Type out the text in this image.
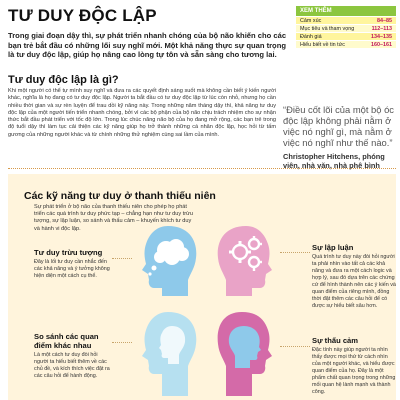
TƯ DUY ĐỘC LẬP
Trong giai đoạn dậy thì, sự phát triển nhanh chóng của bộ não khiến cho các bạn trẻ bắt đầu có những lối suy nghĩ mới. Một khả năng thực sự quan trọng là tư duy độc lập, giúp họ nâng cao lòng tự tôn và sẵn sàng cho tương lai.
XEM THÊM
Cảm xúc	84–85
Mục tiêu và tham vọng	112–113
Đánh giá	134–135
Hiểu biết về tin tức	160–161
Tư duy độc lập là gì?
Khi một người có thể tự mình suy nghĩ và đưa ra các quyết định sáng suốt mà không cần biết ý kiến người khác, nghĩa là họ đang có tư duy độc lập. Người ta bắt đầu có tư duy độc lập từ lúc còn nhỏ, nhưng họ cần nhiều thời gian và sự rèn luyện để trau dồi kỹ năng này. Trong những năm tháng dậy thì, khả năng tư duy độc lập của một người tiến triển nhanh chóng, bởi vì các bộ phận của bộ não chịu trách nhiệm cho sự nhận thức bắt đầu phát triển với tốc độ lớn. Trong lúc chúc năng não bộ của họ đang mở rộng, các bạn trẻ trong độ tuổi dậy thì làm tục cải thiện các kỹ năng giúp họ trở thành những cá nhân độc lập, học hỏi từ tấm gương của những người khác và từ chính những thử nghiệm cùng sai lầm của mình.
“Điều cốt lõi của một bộ óc độc lập không phải nằm ở việc nó nghĩ gì, mà nằm ở việc nó nghĩ như thế nào.”
Christopher Hitchens, phóng viên, nhà văn, nhà phê bình
Các kỹ năng tư duy ở thanh thiếu niên
Sự phát triển ở bộ não của thanh thiếu niên cho phép họ phát triển các quá trình tư duy phức tạp – chẳng hạn như tư duy trừu tượng, sự lập luận, so sánh và thấu cảm – khuyến khích tư duy và hành vi độc lập.
Tư duy trừu tượng
Đây là lối tư duy cần nhắc đến các khả năng và ý tưởng không hiện diện một cách cụ thể.
Sự lập luận
Quá trình tư duy này đòi hỏi người ta phải nhìn vào tất cả các khả năng và đưa ra một cách logic và hợp lý, sau đó dựa trên các chứng cứ để hình thành nên các ý kiến và quan điểm của riêng mình, đồng thời đặt thêm các câu hỏi để có được sự hiểu biết sâu hơn.
So sánh các quan điểm khác nhau
Là một cách tư duy đòi hỏi người ta hiểu biết thêm về các chủ đề, và kích thích việc đặt ra các câu hỏi để hành động.
Sự thấu cảm
Đặc tính này giúp người ta nhìn thấy được mọi thứ từ cách nhìn của một người khác, và hiểu được quan điểm của họ. Đây là một phẩm chất quan trọng trong những mối quan hệ lành mạnh và thành công.
